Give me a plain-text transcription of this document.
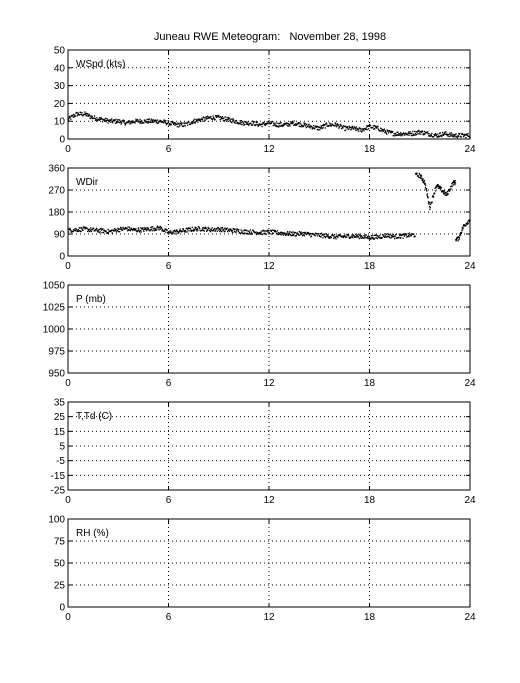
Juneau RWE Meteogram:   November 28, 1998
0	6	12	18	24
0
10
20
30
40
50
WSpd (kts)
0	6	12	18	24
0
90
180
270
360
WDir
0	6	12	18	24
950
975
1000
1025
1050
P (mb)
0	6	12	18	24
-25
-15
-5
5
15
25
35
T,Td (C)
0	6	12	18	24
0
25
50
75
100
RH (%)
